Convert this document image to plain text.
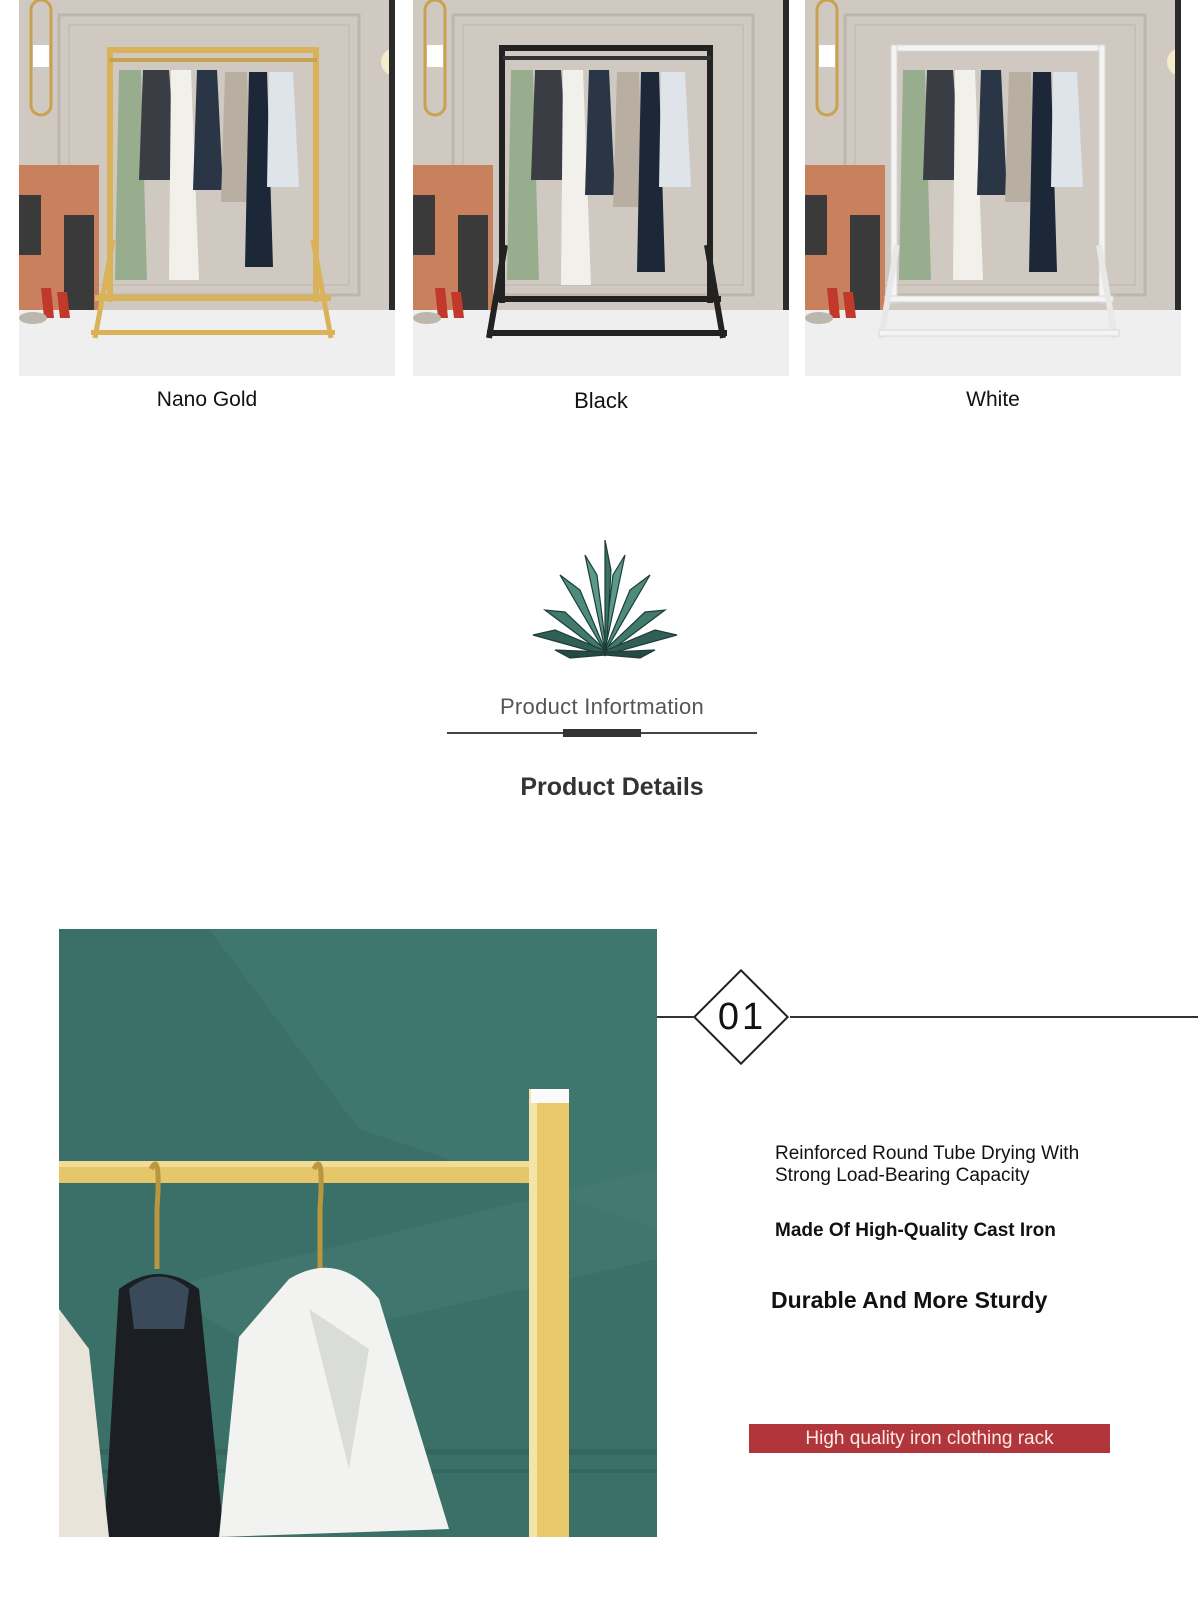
Nano Gold	Black	White
Product Infortmation
Product Details
01
Reinforced Round Tube Drying With Strong Load-Bearing Capacity
Made Of High-Quality Cast Iron
Durable And More Sturdy
High quality iron clothing rack
